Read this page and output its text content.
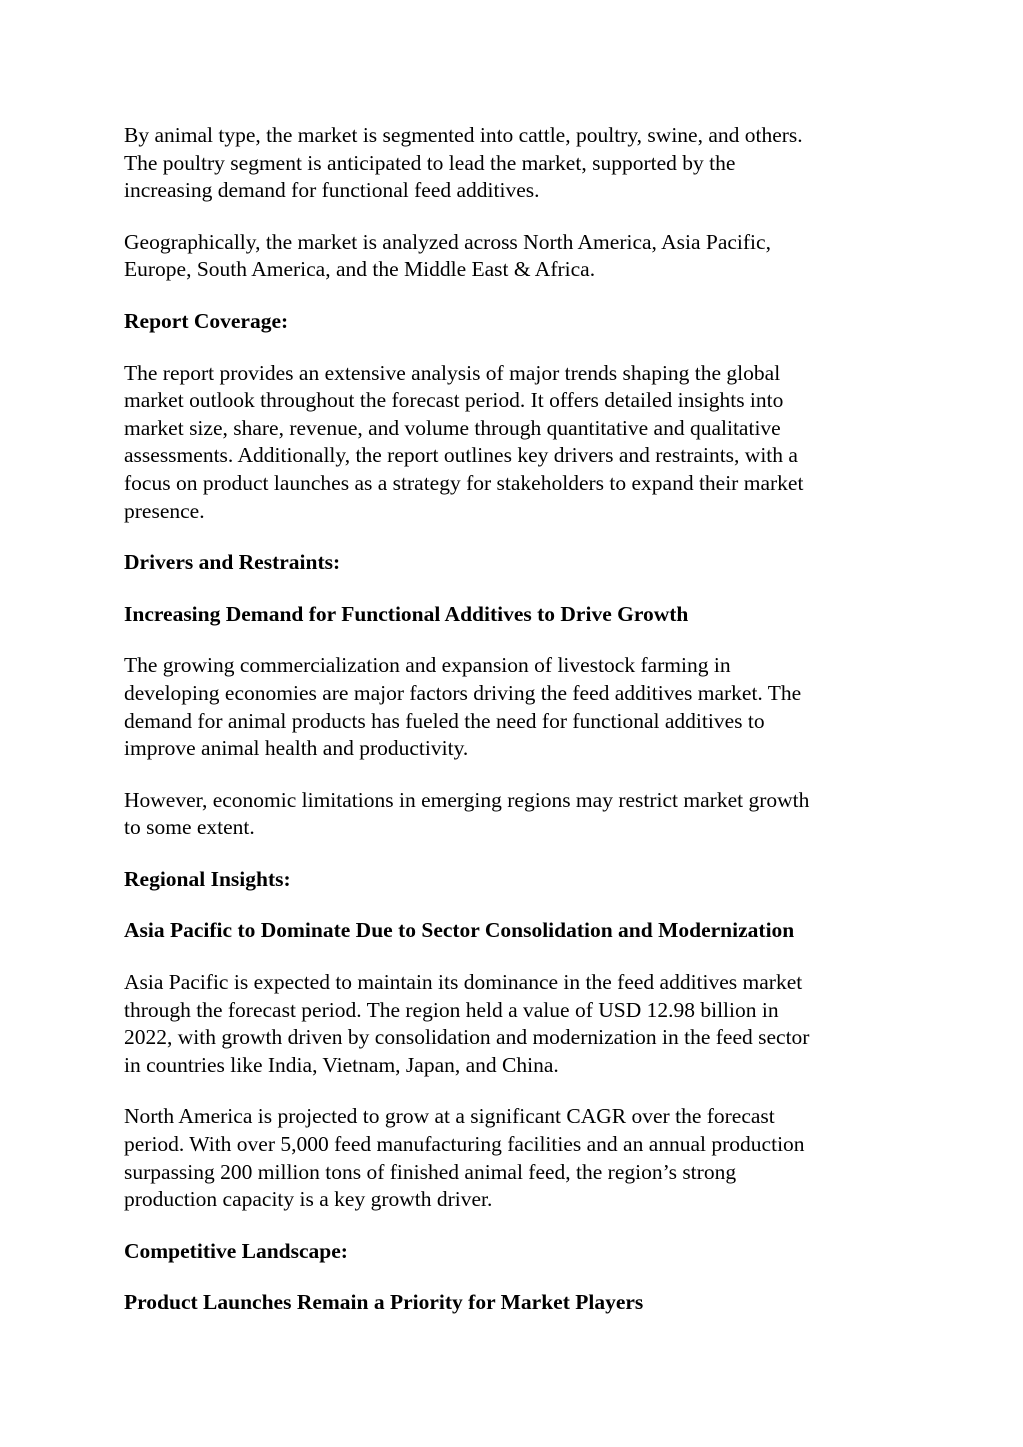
By animal type, the market is segmented into cattle, poultry, swine, and others.
The poultry segment is anticipated to lead the market, supported by the
increasing demand for functional feed additives.

Geographically, the market is analyzed across North America, Asia Pacific,
Europe, South America, and the Middle East & Africa.

Report Coverage:

The report provides an extensive analysis of major trends shaping the global
market outlook throughout the forecast period. It offers detailed insights into
market size, share, revenue, and volume through quantitative and qualitative
assessments. Additionally, the report outlines key drivers and restraints, with a
focus on product launches as a strategy for stakeholders to expand their market
presence.

Drivers and Restraints:

Increasing Demand for Functional Additives to Drive Growth

The growing commercialization and expansion of livestock farming in
developing economies are major factors driving the feed additives market. The
demand for animal products has fueled the need for functional additives to
improve animal health and productivity.

However, economic limitations in emerging regions may restrict market growth
to some extent.

Regional Insights:

Asia Pacific to Dominate Due to Sector Consolidation and Modernization

Asia Pacific is expected to maintain its dominance in the feed additives market
through the forecast period. The region held a value of USD 12.98 billion in
2022, with growth driven by consolidation and modernization in the feed sector
in countries like India, Vietnam, Japan, and China.

North America is projected to grow at a significant CAGR over the forecast
period. With over 5,000 feed manufacturing facilities and an annual production
surpassing 200 million tons of finished animal feed, the region’s strong
production capacity is a key growth driver.

Competitive Landscape:

Product Launches Remain a Priority for Market Players
